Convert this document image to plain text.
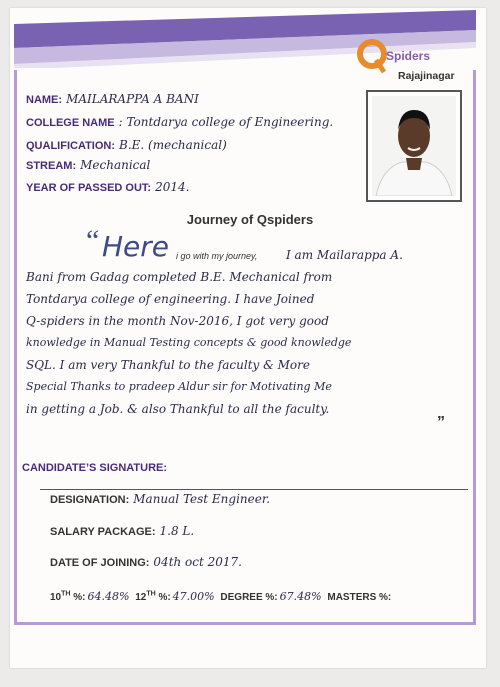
Spiders
Rajajinagar
NAME: MAILARAPPA A BANI
COLLEGE NAME : Tontdarya college of Engineering.
QUALIFICATION: B.E. (mechanical)
STREAM: Mechanical
YEAR OF PASSED OUT: 2014.
Journey of Qspiders
“ Here i go with my journey, I am Mailarappa A.
Bani from Gadag completed B.E. Mechanical from
Tontdarya college of engineering. I have Joined
Q-spiders in the month Nov-2016, I got very good
knowledge in Manual Testing concepts & good knowledge
SQL. I am very Thankful to the faculty & More
Special Thanks to pradeep Aldur sir for Motivating Me
in getting a Job. & also Thankful to all the faculty.
”
CANDIDATE’S SIGNATURE:
DESIGNATION: Manual Test Engineer.
SALARY PACKAGE: 1.8 L.
DATE OF JOINING: 04th oct 2017.
10TH %: 64.48% 12TH %: 47.00% DEGREE %: 67.48% MASTERS %:
